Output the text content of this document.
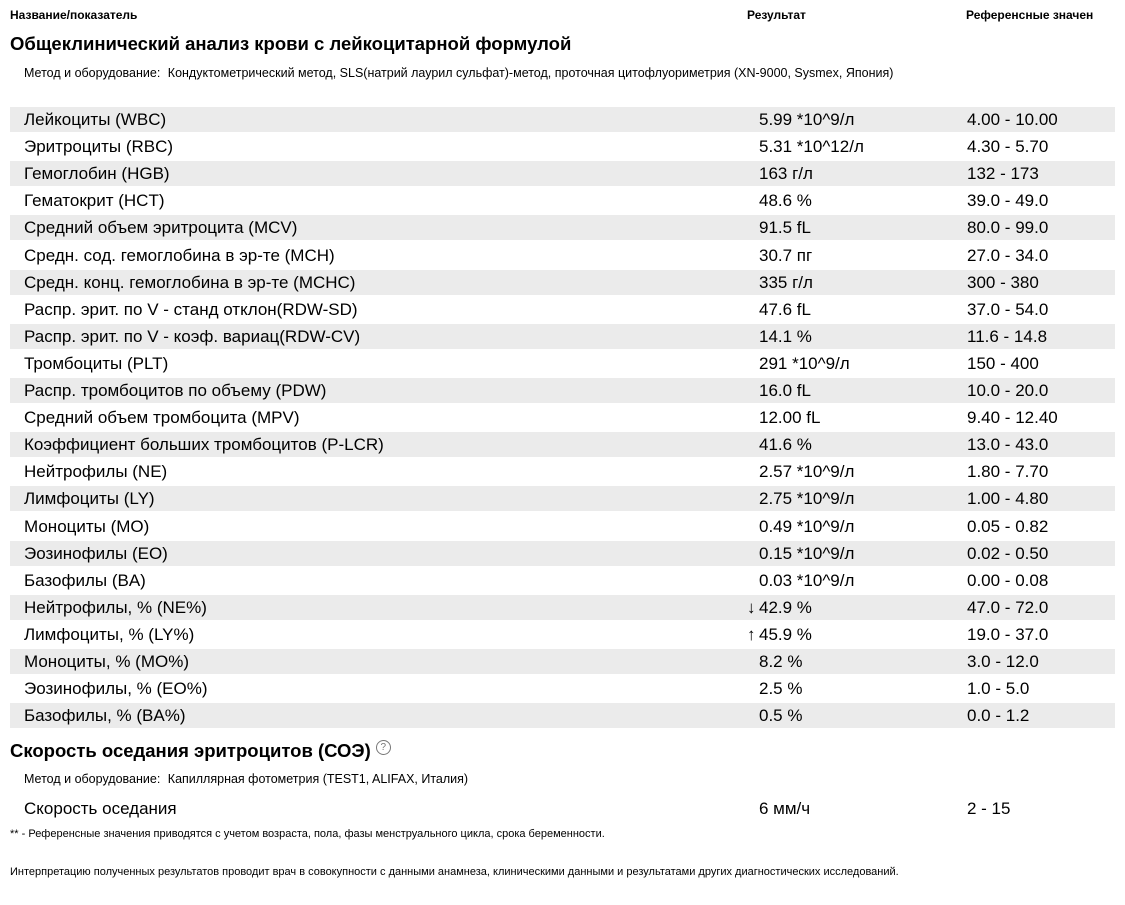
Название/показатель	Результат	Референсные значен
Общеклинический анализ крови с лейкоцитарной формулой
Метод и оборудование: Кондуктометрический метод, SLS(натрий лаурил сульфат)-метод, проточная цитофлуориметрия (XN-9000, Sysmex, Япония)
Лейкоциты (WBC)	5.99 *10^9/л	4.00 - 10.00
Эритроциты (RBC)	5.31 *10^12/л	4.30 - 5.70
Гемоглобин (HGB)	163 г/л	132 - 173
Гематокрит (HCT)	48.6 %	39.0 - 49.0
Средний объем эритроцита (MCV)	91.5 fL	80.0 - 99.0
Средн. сод. гемоглобина в эр-те (MCH)	30.7 пг	27.0 - 34.0
Средн. конц. гемоглобина в эр-те (MCHC)	335 г/л	300 - 380
Распр. эрит. по V - станд отклон(RDW-SD)	47.6 fL	37.0 - 54.0
Распр. эрит. по V - коэф. вариац(RDW-CV)	14.1 %	11.6 - 14.8
Тромбоциты (PLT)	291 *10^9/л	150 - 400
Распр. тромбоцитов по объему (PDW)	16.0 fL	10.0 - 20.0
Средний объем тромбоцита (MPV)	12.00 fL	9.40 - 12.40
Коэффициент больших тромбоцитов (P-LCR)	41.6 %	13.0 - 43.0
Нейтрофилы (NE)	2.57 *10^9/л	1.80 - 7.70
Лимфоциты (LY)	2.75 *10^9/л	1.00 - 4.80
Моноциты (MO)	0.49 *10^9/л	0.05 - 0.82
Эозинофилы (EO)	0.15 *10^9/л	0.02 - 0.50
Базофилы (BA)	0.03 *10^9/л	0.00 - 0.08
Нейтрофилы, % (NE%)	↓ 42.9 %	47.0 - 72.0
Лимфоциты, % (LY%)	↑ 45.9 %	19.0 - 37.0
Моноциты, % (MO%)	8.2 %	3.0 - 12.0
Эозинофилы, % (EO%)	2.5 %	1.0 - 5.0
Базофилы, % (BA%)	0.5 %	0.0 - 1.2
Скорость оседания эритроцитов (СОЭ) ?
Метод и оборудование: Капиллярная фотометрия (TEST1, ALIFAX, Италия)
Скорость оседания	6 мм/ч	2 - 15
** - Референсные значения приводятся с учетом возраста, пола, фазы менструального цикла, срока беременности.
Интерпретацию полученных результатов проводит врач в совокупности с данными анамнеза, клиническими данными и результатами других диагностических исследований.
